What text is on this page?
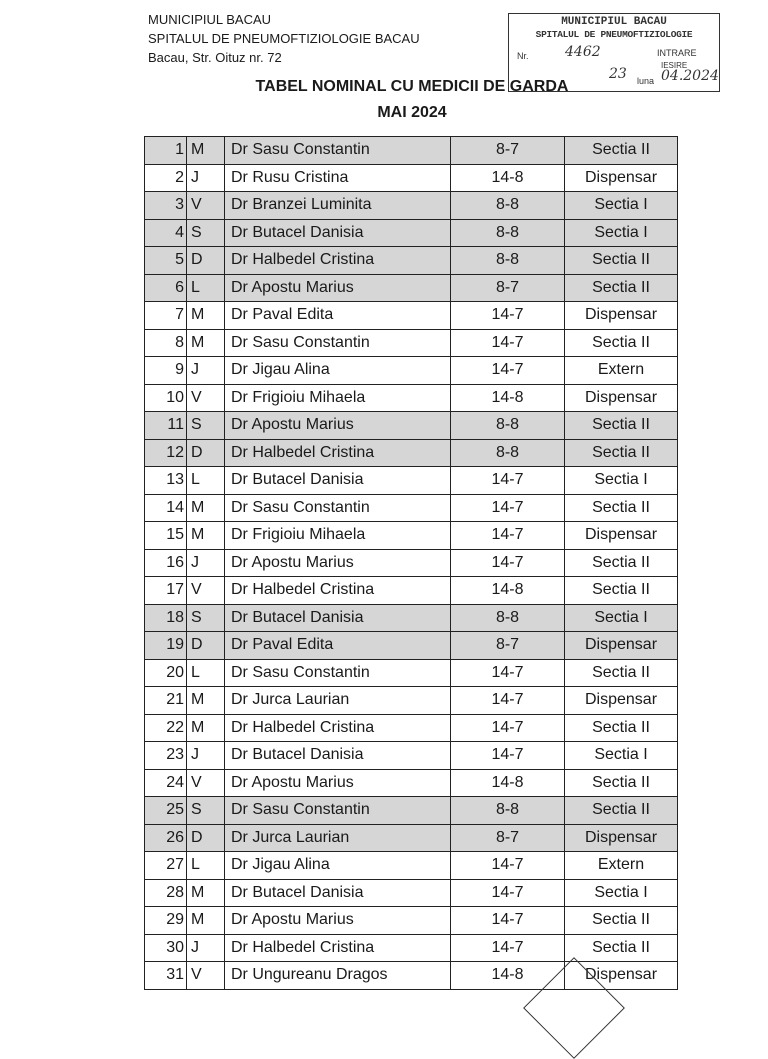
MUNICIPIUL BACAU
SPITALUL DE PNEUMOFTIZIOLOGIE BACAU
Bacau, Str. Oituz nr. 72
MUNICIPIUL BACAU
SPITALUL DE PNEUMOFTIZIOLOGIE
Nr.	4462	INTRARE
IESIRE
23 luna 04.2024
TABEL NOMINAL CU MEDICII DE GARDA
MAI 2024
1	M	Dr Sasu Constantin	8-7	Sectia II
2	J	Dr Rusu Cristina	14-8	Dispensar
3	V	Dr Branzei Luminita	8-8	Sectia I
4	S	Dr Butacel Danisia	8-8	Sectia I
5	D	Dr Halbedel Cristina	8-8	Sectia II
6	L	Dr Apostu Marius	8-7	Sectia II
7	M	Dr Paval Edita	14-7	Dispensar
8	M	Dr Sasu Constantin	14-7	Sectia II
9	J	Dr Jigau Alina	14-7	Extern
10	V	Dr Frigioiu Mihaela	14-8	Dispensar
11	S	Dr Apostu Marius	8-8	Sectia II
12	D	Dr Halbedel Cristina	8-8	Sectia II
13	L	Dr Butacel Danisia	14-7	Sectia I
14	M	Dr Sasu Constantin	14-7	Sectia II
15	M	Dr Frigioiu Mihaela	14-7	Dispensar
16	J	Dr Apostu Marius	14-7	Sectia II
17	V	Dr Halbedel Cristina	14-8	Sectia II
18	S	Dr Butacel Danisia	8-8	Sectia I
19	D	Dr Paval Edita	8-7	Dispensar
20	L	Dr Sasu Constantin	14-7	Sectia II
21	M	Dr Jurca Laurian	14-7	Dispensar
22	M	Dr Halbedel Cristina	14-7	Sectia II
23	J	Dr Butacel Danisia	14-7	Sectia I
24	V	Dr Apostu Marius	14-8	Sectia II
25	S	Dr Sasu Constantin	8-8	Sectia II
26	D	Dr Jurca Laurian	8-7	Dispensar
27	L	Dr Jigau Alina	14-7	Extern
28	M	Dr Butacel Danisia	14-7	Sectia I
29	M	Dr Apostu Marius	14-7	Sectia II
30	J	Dr Halbedel Cristina	14-7	Sectia II
31	V	Dr Ungureanu Dragos	14-8	Dispensar
